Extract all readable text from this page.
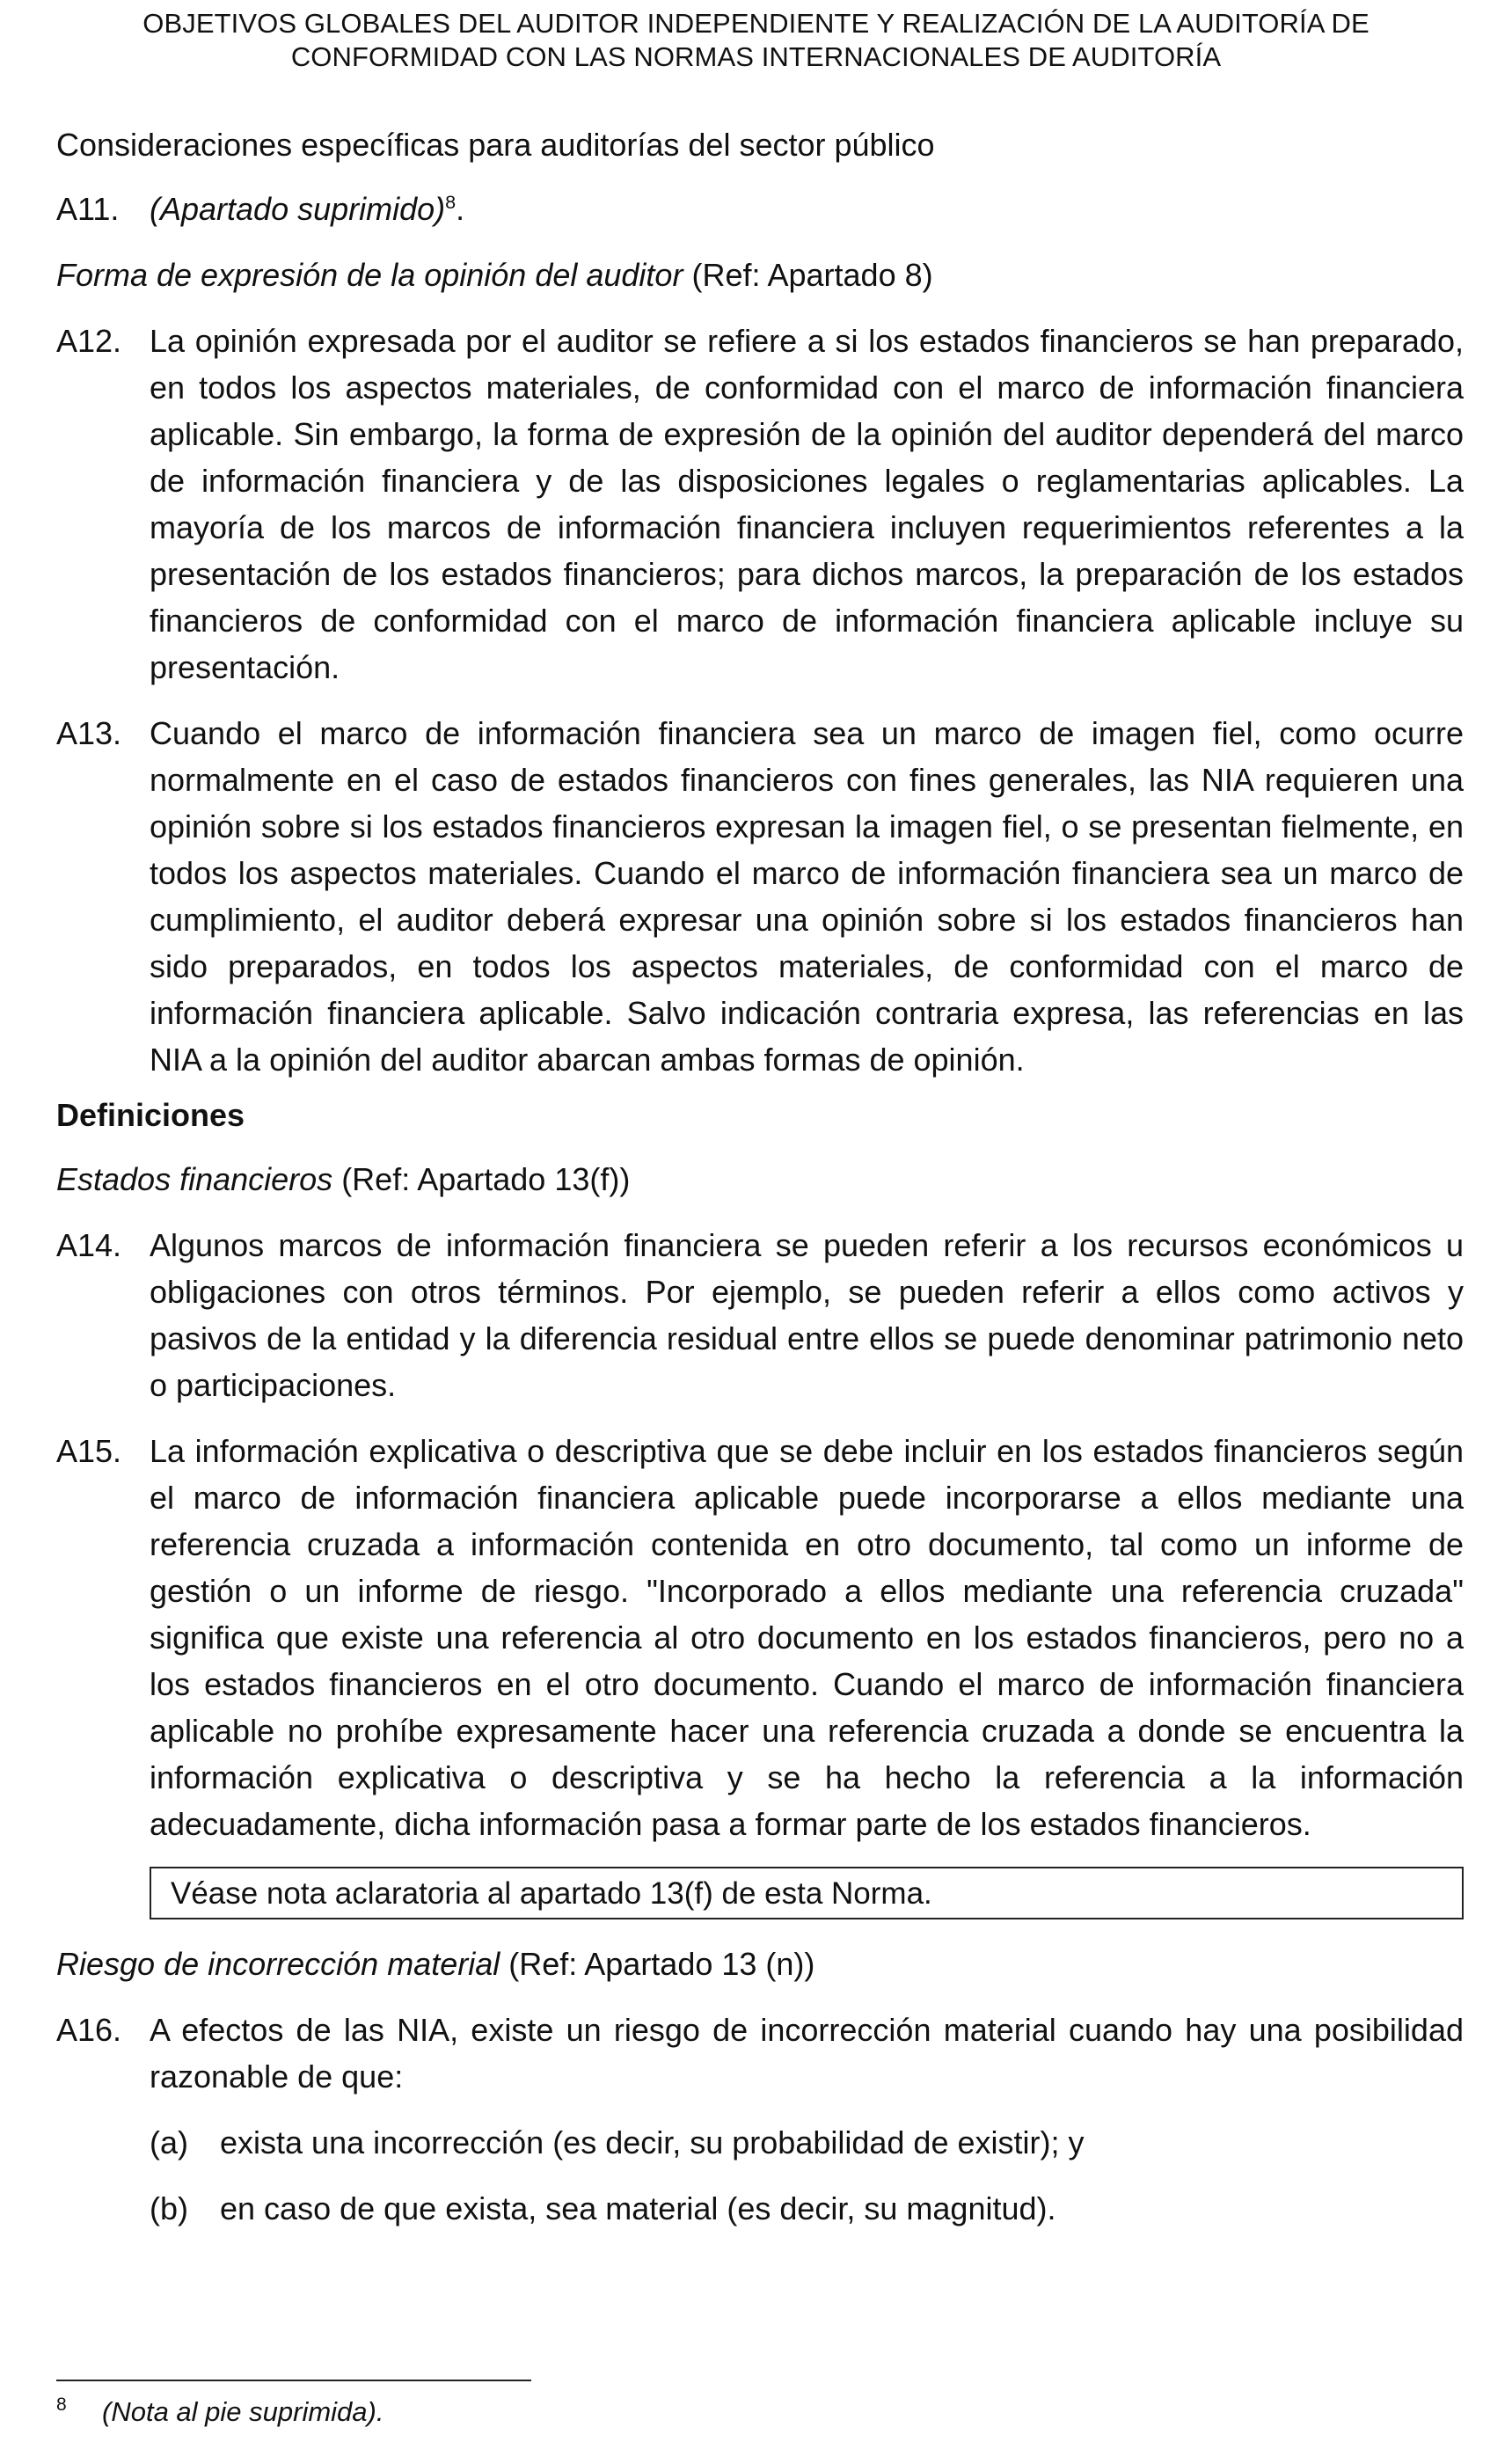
OBJETIVOS GLOBALES DEL AUDITOR INDEPENDIENTE Y REALIZACIÓN DE LA AUDITORÍA DE
CONFORMIDAD CON LAS NORMAS INTERNACIONALES DE AUDITORÍA
Consideraciones específicas para auditorías del sector público
A11. (Apartado suprimido)$^8$.
Forma de expresión de la opinión del auditor (Ref: Apartado 8)
A12. La opinión expresada por el auditor se refiere a si los estados financieros se han preparado, en todos los aspectos materiales, de conformidad con el marco de información financiera aplicable. Sin embargo, la forma de expresión de la opinión del auditor dependerá del marco de información financiera y de las disposiciones legales o reglamentarias aplicables. La mayoría de los marcos de información financiera incluyen requerimientos referentes a la presentación de los estados financieros; para dichos marcos, la preparación de los estados financieros de conformidad con el marco de información financiera aplicable incluye su presentación.
A13. Cuando el marco de información financiera sea un marco de imagen fiel, como ocurre normalmente en el caso de estados financieros con fines generales, las NIA requieren una opinión sobre si los estados financieros expresan la imagen fiel, o se presentan fielmente, en todos los aspectos materiales. Cuando el marco de información financiera sea un marco de cumplimiento, el auditor deberá expresar una opinión sobre si los estados financieros han sido preparados, en todos los aspectos materiales, de conformidad con el marco de información financiera aplicable. Salvo indicación contraria expresa, las referencias en las NIA a la opinión del auditor abarcan ambas formas de opinión.
Definiciones
Estados financieros (Ref: Apartado 13(f))
A14. Algunos marcos de información financiera se pueden referir a los recursos económicos u obligaciones con otros términos. Por ejemplo, se pueden referir a ellos como activos y pasivos de la entidad y la diferencia residual entre ellos se puede denominar patrimonio neto o participaciones.
A15. La información explicativa o descriptiva que se debe incluir en los estados financieros según el marco de información financiera aplicable puede incorporarse a ellos mediante una referencia cruzada a información contenida en otro documento, tal como un informe de gestión o un informe de riesgo. "Incorporado a ellos mediante una referencia cruzada" significa que existe una referencia al otro documento en los estados financieros, pero no a los estados financieros en el otro documento. Cuando el marco de información financiera aplicable no prohíbe expresamente hacer una referencia cruzada a donde se encuentra la información explicativa o descriptiva y se ha hecho la referencia a la información adecuadamente, dicha información pasa a formar parte de los estados financieros.
Véase nota aclaratoria al apartado 13(f) de esta Norma.
Riesgo de incorrección material (Ref: Apartado 13 (n))
A16. A efectos de las NIA, existe un riesgo de incorrección material cuando hay una posibilidad razonable de que:
(a)	exista una incorrección (es decir, su probabilidad de existir); y
(b)	en caso de que exista, sea material (es decir, su magnitud).
8	(Nota al pie suprimida).
